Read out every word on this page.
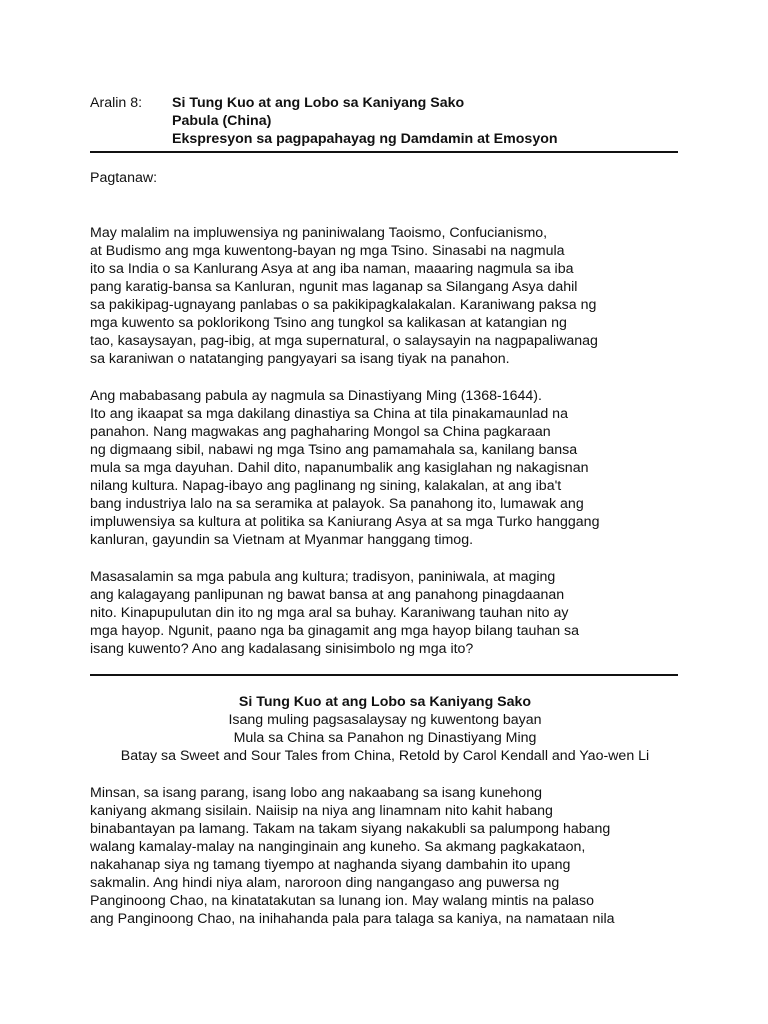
Aralin 8:	Si Tung Kuo at ang Lobo sa Kaniyang Sako
Pabula (China)
Ekspresyon sa pagpapahayag ng Damdamin at Emosyon
Pagtanaw:
May malalim na impluwensiya ng paniniwalang Taoismo, Confucianismo,
at Budismo ang mga kuwentong-bayan ng mga Tsino. Sinasabi na nagmula
ito sa India o sa Kanlurang Asya at ang iba naman, maaaring nagmula sa iba
pang karatig-bansa sa Kanluran, ngunit mas laganap sa Silangang Asya dahil
sa pakikipag-ugnayang panlabas o sa pakikipagkalakalan. Karaniwang paksa ng
mga kuwento sa poklorikong Tsino ang tungkol sa kalikasan at katangian ng
tao, kasaysayan, pag-ibig, at mga supernatural, o salaysayin na nagpapaliwanag
sa karaniwan o natatanging pangyayari sa isang tiyak na panahon.
Ang mababasang pabula ay nagmula sa Dinastiyang Ming (1368-1644).
Ito ang ikaapat sa mga dakilang dinastiya sa China at tila pinakamaunlad na
panahon. Nang magwakas ang paghaharing Mongol sa China pagkaraan
ng digmaang sibil, nabawi ng mga Tsino ang pamamahala sa, kanilang bansa
mula sa mga dayuhan. Dahil dito, napanumbalik ang kasiglahan ng nakagisnan
nilang kultura. Napag-ibayo ang paglinang ng sining, kalakalan, at ang iba't
bang industriya lalo na sa seramika at palayok. Sa panahong ito, lumawak ang
impluwensiya sa kultura at politika sa Kaniurang Asya at sa mga Turko hanggang
kanluran, gayundin sa Vietnam at Myanmar hanggang timog.
Masasalamin sa mga pabula ang kultura; tradisyon, paniniwala, at maging
ang kalagayang panlipunan ng bawat bansa at ang panahong pinagdaanan
nito. Kinapupulutan din ito ng mga aral sa buhay. Karaniwang tauhan nito ay
mga hayop. Ngunit, paano nga ba ginagamit ang mga hayop bilang tauhan sa
isang kuwento? Ano ang kadalasang sinisimbolo ng mga ito?
Si Tung Kuo at ang Lobo sa Kaniyang Sako
Isang muling pagsasalaysay ng kuwentong bayan
Mula sa China sa Panahon ng Dinastiyang Ming
Batay sa Sweet and Sour Tales from China, Retold by Carol Kendall and Yao-wen Li
Minsan, sa isang parang, isang lobo ang nakaabang sa isang kunehong
kaniyang akmang sisilain. Naiisip na niya ang linamnam nito kahit habang
binabantayan pa lamang. Takam na takam siyang nakakubli sa palumpong habang
walang kamalay-malay na nanginginain ang kuneho. Sa akmang pagkakataon,
nakahanap siya ng tamang tiyempo at naghanda siyang dambahin ito upang
sakmalin. Ang hindi niya alam, naroroon ding nangangaso ang puwersa ng
Panginoong Chao, na kinatatakutan sa lunang ion. May walang mintis na palaso
ang Panginoong Chao, na inihahanda pala para talaga sa kaniya, na namataan nila
